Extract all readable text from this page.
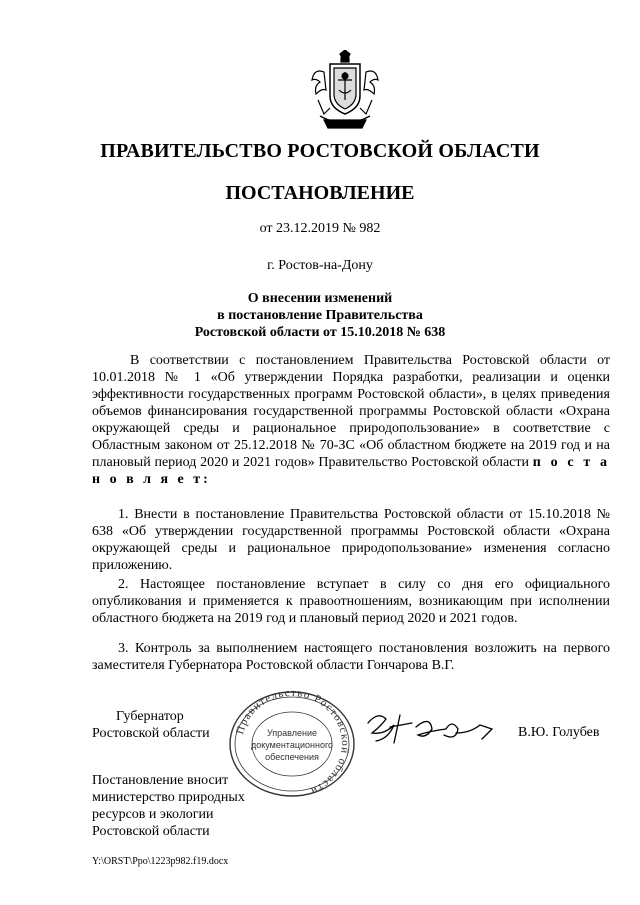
ПРАВИТЕЛЬСТВО РОСТОВСКОЙ ОБЛАСТИ
ПОСТАНОВЛЕНИЕ
от 23.12.2019 № 982
г. Ростов-на-Дону
О внесении изменений
в постановление Правительства
Ростовской области от 15.10.2018 № 638
В соответствии с постановлением Правительства Ростовской области от 10.01.2018 № 1 «Об утверждении Порядка разработки, реализации и оценки эффективности государственных программ Ростовской области», в целях приведения объемов финансирования государственной программы Ростовской области «Охрана окружающей среды и рациональное природопользование» в соответствие с Областным законом от 25.12.2018 № 70-ЗС «Об областном бюджете на 2019 год и на плановый период 2020 и 2021 годов» Правительство Ростовской области п о с т а н о в л я е т:
1. Внести в постановление Правительства Ростовской области от 15.10.2018 № 638 «Об утверждении государственной программы Ростовской области «Охрана окружающей среды и рациональное природопользование» изменения согласно приложению.
2. Настоящее постановление вступает в силу со дня его официального опубликования и применяется к правоотношениям, возникающим при исполнении областного бюджета на 2019 год и плановый период 2020 и 2021 годов.
3. Контроль за выполнением настоящего постановления возложить на первого заместителя Губернатора Ростовской области Гончарова В.Г.
Губернатор
Ростовской области Правительство Ростовской области
Управление
документационного
обеспечения
В.Ю. Голубев
Постановление вносит
министерство природных
ресурсов и экологии
Ростовской области
Y:\ORST\Ppo\1223p982.f19.docx
